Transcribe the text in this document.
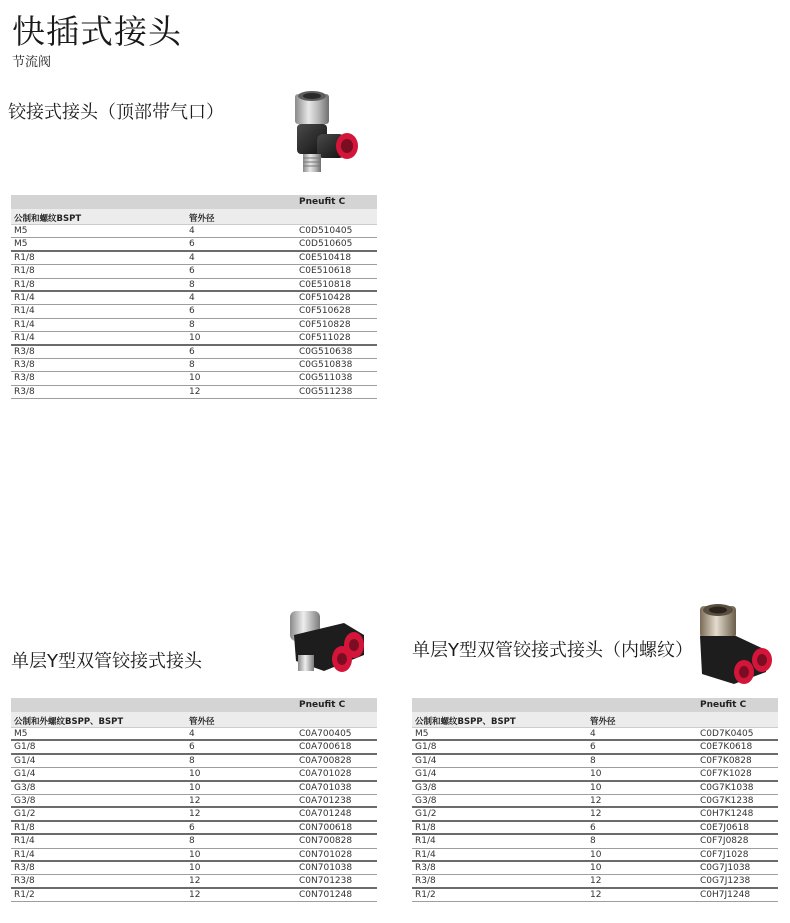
快插式接头
节流阀
铰接式接头（顶部带气口）
Pneufit C
公制和螺纹BSPT	管外径
M5	4	C0D510405
M5	6	C0D510605
R1/8	4	C0E510418
R1/8	6	C0E510618
R1/8	8	C0E510818
R1/4	4	C0F510428
R1/4	6	C0F510628
R1/4	8	C0F510828
R1/4	10	C0F511028
R3/8	6	C0G510638
R3/8	8	C0G510838
R3/8	10	C0G511038
R3/8	12	C0G511238
单层Y型双管铰接式接头
Pneufit C
公制和外螺纹BSPP、BSPT	管外径
M5	4	C0A700405
G1/8	6	C0A700618
G1/4	8	C0A700828
G1/4	10	C0A701028
G3/8	10	C0A701038
G3/8	12	C0A701238
G1/2	12	C0A701248
R1/8	6	C0N700618
R1/4	8	C0N700828
R1/4	10	C0N701028
R3/8	10	C0N701038
R3/8	12	C0N701238
R1/2	12	C0N701248
单层Y型双管铰接式接头（内螺纹）
Pneufit C
公制和螺纹BSPP、BSPT	管外径
M5	4	C0D7K0405
G1/8	6	C0E7K0618
G1/4	8	C0F7K0828
G1/4	10	C0F7K1028
G3/8	10	C0G7K1038
G3/8	12	C0G7K1238
G1/2	12	C0H7K1248
R1/8	6	C0E7J0618
R1/4	8	C0F7J0828
R1/4	10	C0F7J1028
R3/8	10	C0G7J1038
R3/8	12	C0G7J1238
R1/2	12	C0H7J1248
